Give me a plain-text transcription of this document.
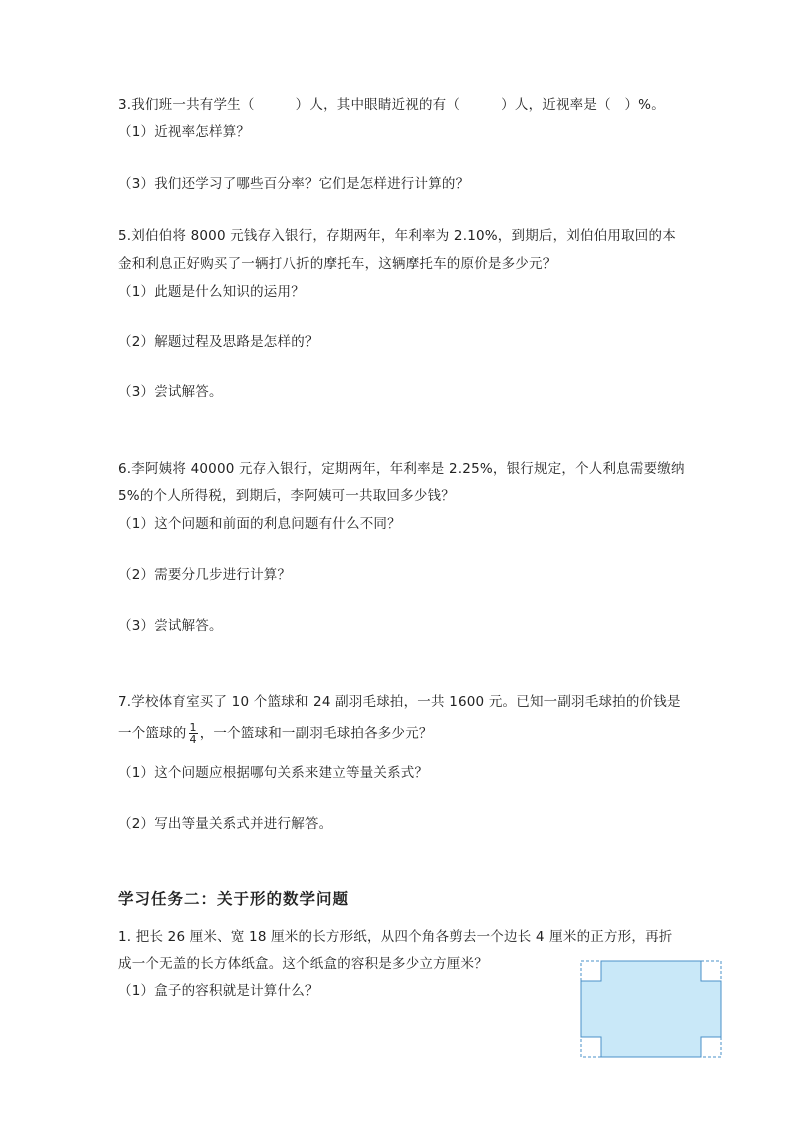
3.我们班一共有学生（　　　）人，其中眼睛近视的有（　　　）人，近视率是（　）%。
（1）近视率怎样算？
（3）我们还学习了哪些百分率？它们是怎样进行计算的？
5.刘伯伯将 8000 元钱存入银行，存期两年，年利率为 2.10%，到期后，刘伯伯用取回的本
金和利息正好购买了一辆打八折的摩托车，这辆摩托车的原价是多少元？
（1）此题是什么知识的运用？
（2）解题过程及思路是怎样的？
（3）尝试解答。
6.李阿姨将 40000 元存入银行，定期两年，年利率是 2.25%，银行规定，个人利息需要缴纳
5%的个人所得税，到期后，李阿姨可一共取回多少钱？
（1）这个问题和前面的利息问题有什么不同？
（2）需要分几步进行计算？
（3）尝试解答。
7.学校体育室买了 10 个篮球和 24 副羽毛球拍，一共 1600 元。已知一副羽毛球拍的价钱是
一个篮球的 $\frac{1}{4}$ ，一个篮球和一副羽毛球拍各多少元？
（1）这个问题应根据哪句关系来建立等量关系式？
（2）写出等量关系式并进行解答。
学习任务二：关于形的数学问题
1. 把长 26 厘米、宽 18 厘米的长方形纸，从四个角各剪去一个边长 4 厘米的正方形，再折
成一个无盖的长方体纸盒。这个纸盒的容积是多少立方厘米？
（1）盒子的容积就是计算什么？
